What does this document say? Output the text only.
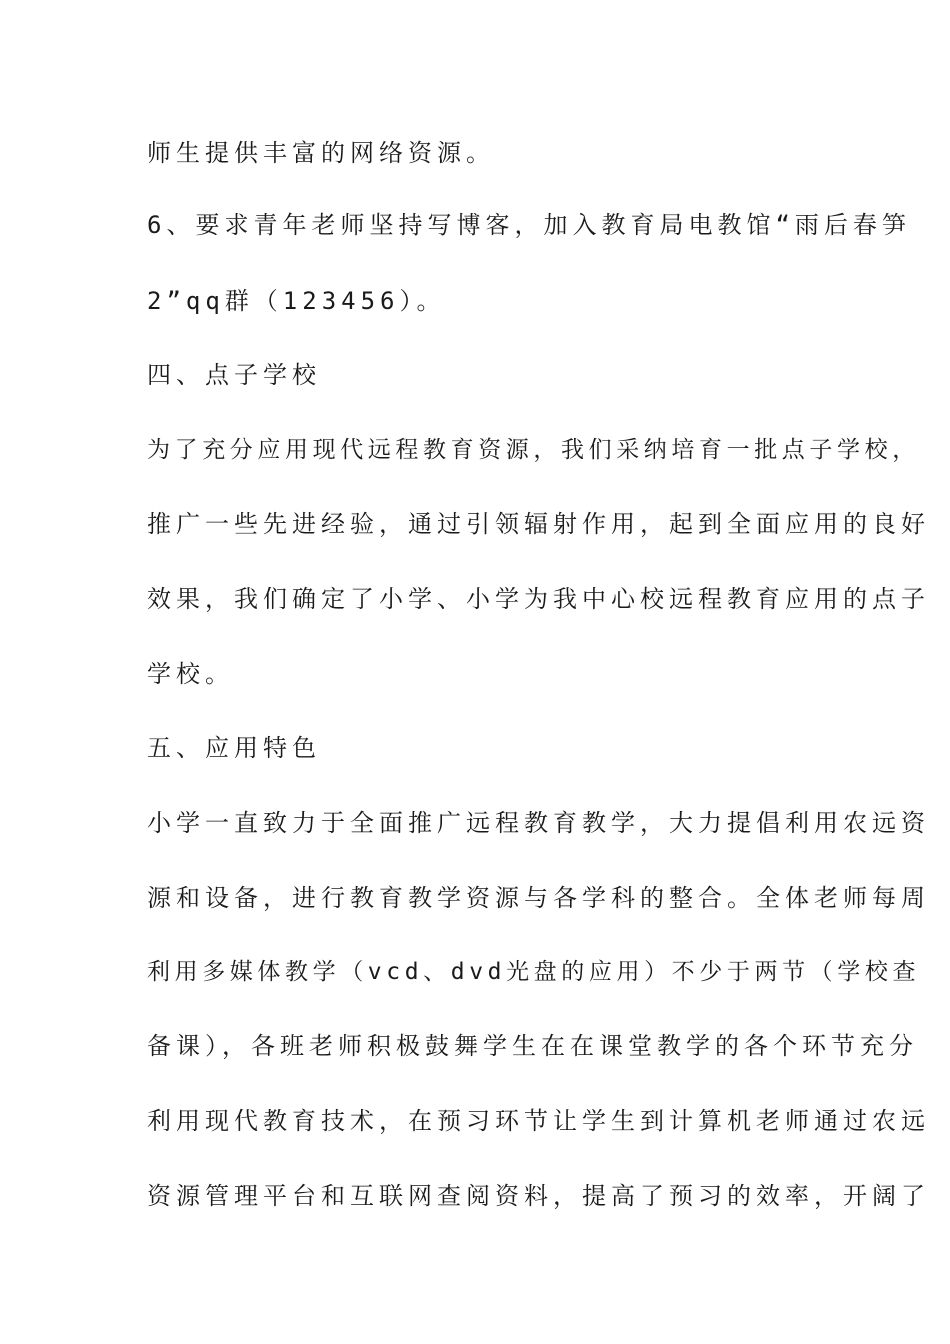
师生提供丰富的网络资源。
6、要求青年老师坚持写博客，加入教育局电教馆“雨后春笋
2”qq群（123456）。
四、点子学校
为了充分应用现代远程教育资源，我们采纳培育一批点子学校，
推广一些先进经验，通过引领辐射作用，起到全面应用的良好
效果，我们确定了小学、小学为我中心校远程教育应用的点子
学校。
五、应用特色
小学一直致力于全面推广远程教育教学，大力提倡利用农远资
源和设备，进行教育教学资源与各学科的整合。全体老师每周
利用多媒体教学（vcd、dvd光盘的应用）不少于两节（学校查
备课），各班老师积极鼓舞学生在在课堂教学的各个环节充分
利用现代教育技术，在预习环节让学生到计算机老师通过农远
资源管理平台和互联网查阅资料，提高了预习的效率，开阔了
